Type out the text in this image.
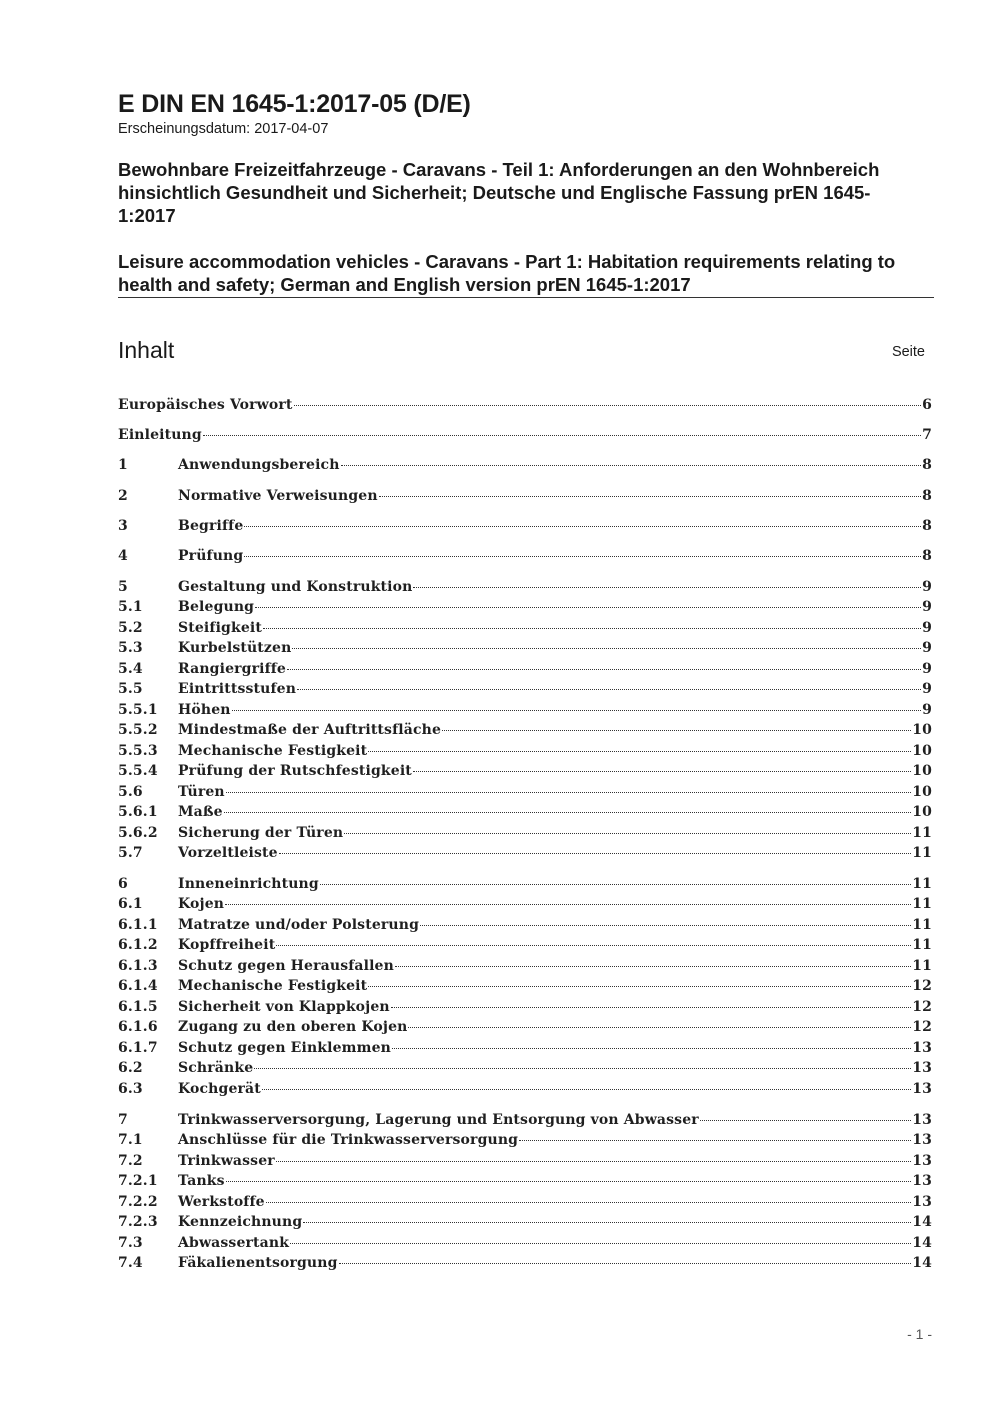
E DIN EN 1645-1:2017-05 (D/E)
Erscheinungsdatum: 2017-04-07
Bewohnbare Freizeitfahrzeuge - Caravans - Teil 1: Anforderungen an den Wohnbereich hinsichtlich Gesundheit und Sicherheit; Deutsche und Englische Fassung prEN 1645-1:2017
Leisure accommodation vehicles - Caravans - Part 1: Habitation requirements relating to health and safety; German and English version prEN 1645-1:2017
Inhalt	Seite
Europäisches Vorwort	6
Einleitung	7
1	Anwendungsbereich	8
2	Normative Verweisungen	8
3	Begriffe	8
4	Prüfung	8
5	Gestaltung und Konstruktion	9
5.1	Belegung	9
5.2	Steifigkeit	9
5.3	Kurbelstützen	9
5.4	Rangiergriffe	9
5.5	Eintrittsstufen	9
5.5.1	Höhen	9
5.5.2	Mindestmaße der Auftrittsfläche	10
5.5.3	Mechanische Festigkeit	10
5.5.4	Prüfung der Rutschfestigkeit	10
5.6	Türen	10
5.6.1	Maße	10
5.6.2	Sicherung der Türen	11
5.7	Vorzeltleiste	11
6	Inneneinrichtung	11
6.1	Kojen	11
6.1.1	Matratze und/oder Polsterung	11
6.1.2	Kopffreiheit	11
6.1.3	Schutz gegen Herausfallen	11
6.1.4	Mechanische Festigkeit	12
6.1.5	Sicherheit von Klappkojen	12
6.1.6	Zugang zu den oberen Kojen	12
6.1.7	Schutz gegen Einklemmen	13
6.2	Schränke	13
6.3	Kochgerät	13
7	Trinkwasserversorgung, Lagerung und Entsorgung von Abwasser	13
7.1	Anschlüsse für die Trinkwasserversorgung	13
7.2	Trinkwasser	13
7.2.1	Tanks	13
7.2.2	Werkstoffe	13
7.2.3	Kennzeichnung	14
7.3	Abwassertank	14
7.4	Fäkalienentsorgung	14
- 1 -
